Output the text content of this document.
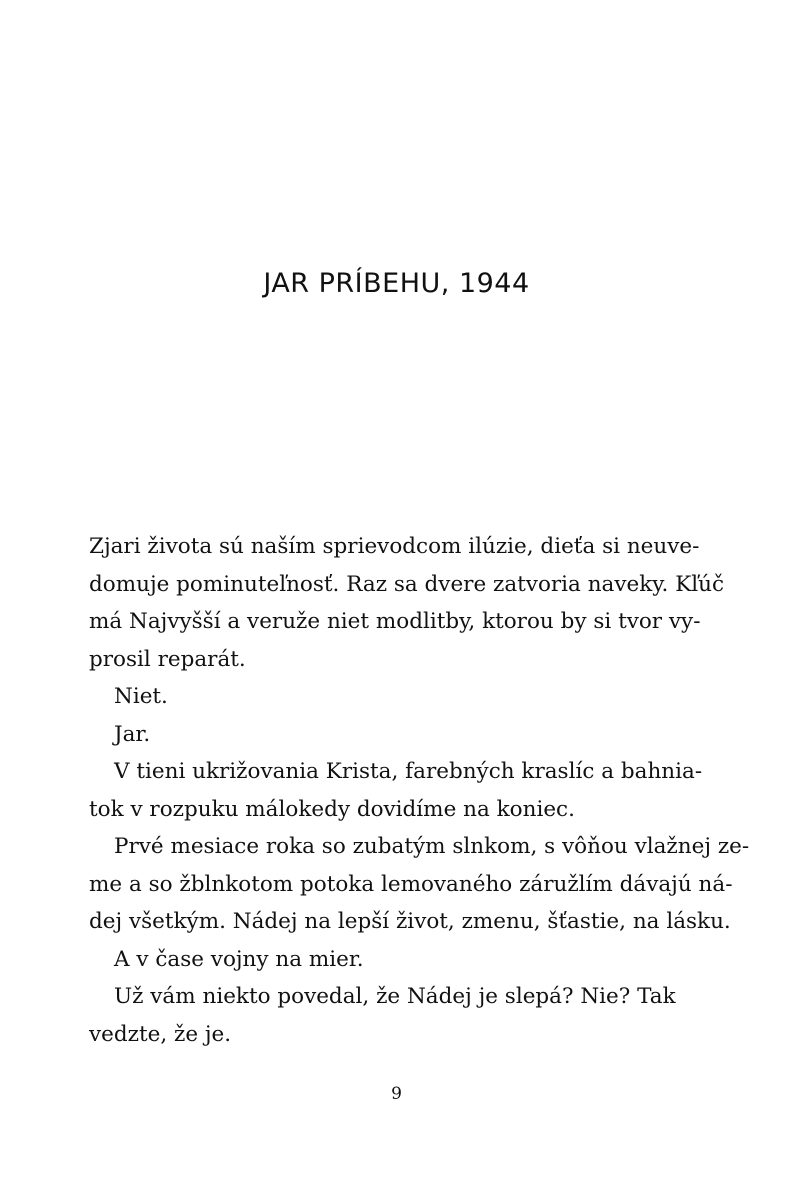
JAR PRÍBEHU, 1944
Zjari života sú naším sprievodcom ilúzie, dieťa si neuve-
domuje pominuteľnosť. Raz sa dvere zatvoria naveky. Kľúč
má Najvyšší a veruže niet modlitby, ktorou by si tvor vy-
prosil reparát.
Niet.
Jar.
V tieni ukrižovania Krista, farebných kraslíc a bahnia-
tok v rozpuku málokedy dovidíme na koniec.
Prvé mesiace roka so zubatým slnkom, s vôňou vlažnej ze-
me a so žblnkotom potoka lemovaného záružlím dávajú ná-
dej všetkým. Nádej na lepší život, zmenu, šťastie, na lásku.
A v čase vojny na mier.
Už vám niekto povedal, že Nádej je slepá? Nie? Tak
vedzte, že je.
9
